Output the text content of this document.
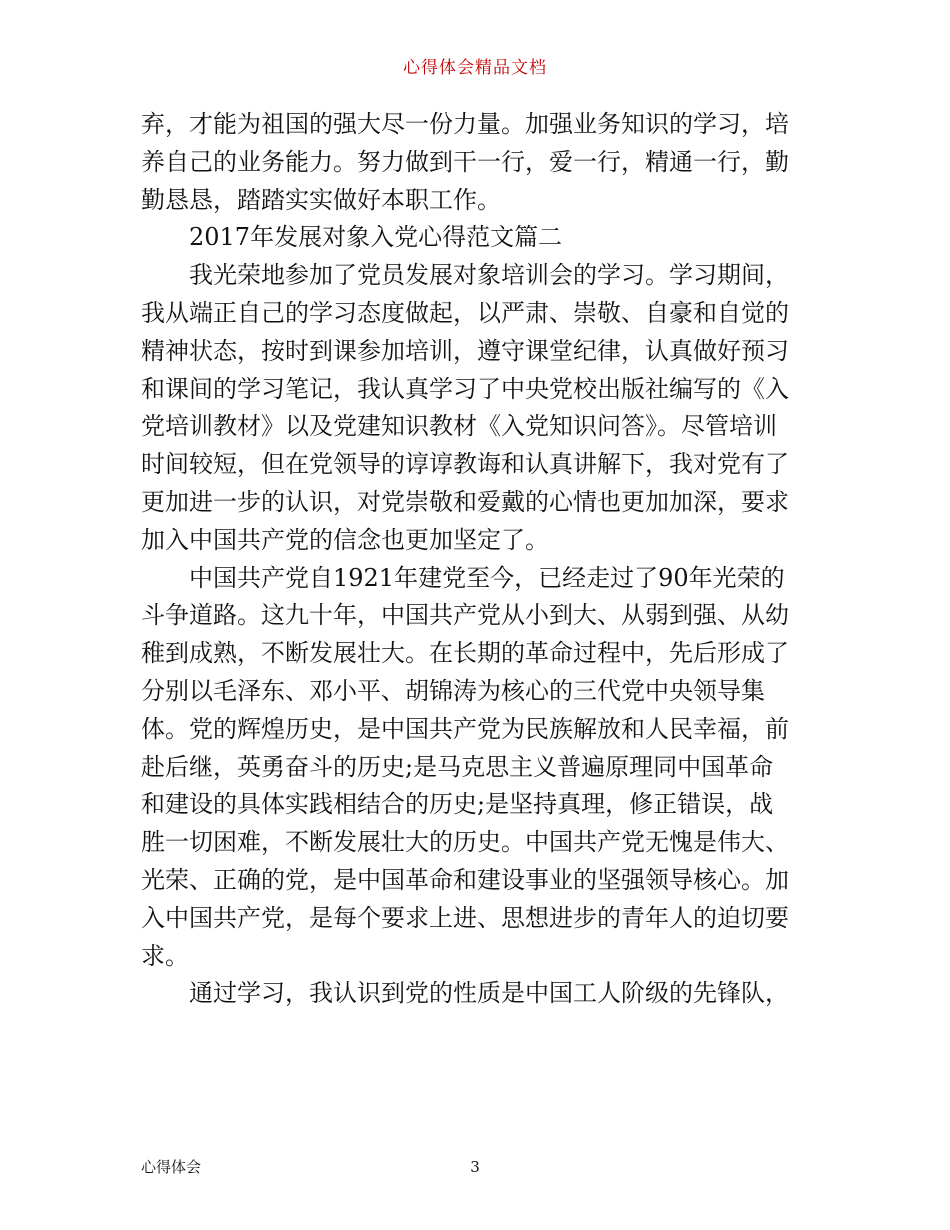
心得体会精品文档
弃，才能为祖国的强大尽一份力量。加强业务知识的学习，培
养自己的业务能力。努力做到干一行，爱一行，精通一行，勤
勤恳恳，踏踏实实做好本职工作。
2017年发展对象入党心得范文篇二
我光荣地参加了党员发展对象培训会的学习。学习期间，
我从端正自己的学习态度做起，以严肃、崇敬、自豪和自觉的
精神状态，按时到课参加培训，遵守课堂纪律，认真做好预习
和课间的学习笔记，我认真学习了中央党校出版社编写的《入
党培训教材》以及党建知识教材《入党知识问答》。尽管培训
时间较短，但在党领导的谆谆教诲和认真讲解下，我对党有了
更加进一步的认识，对党崇敬和爱戴的心情也更加加深，要求
加入中国共产党的信念也更加坚定了。
中国共产党自1921年建党至今，已经走过了90年光荣的
斗争道路。这九十年，中国共产党从小到大、从弱到强、从幼
稚到成熟，不断发展壮大。在长期的革命过程中，先后形成了
分别以毛泽东、邓小平、胡锦涛为核心的三代党中央领导集
体。党的辉煌历史，是中国共产党为民族解放和人民幸福，前
赴后继，英勇奋斗的历史;是马克思主义普遍原理同中国革命
和建设的具体实践相结合的历史;是坚持真理，修正错误，战
胜一切困难，不断发展壮大的历史。中国共产党无愧是伟大、
光荣、正确的党，是中国革命和建设事业的坚强领导核心。加
入中国共产党，是每个要求上进、思想进步的青年人的迫切要
求。
通过学习，我认识到党的性质是中国工人阶级的先锋队，
心得体会	3
